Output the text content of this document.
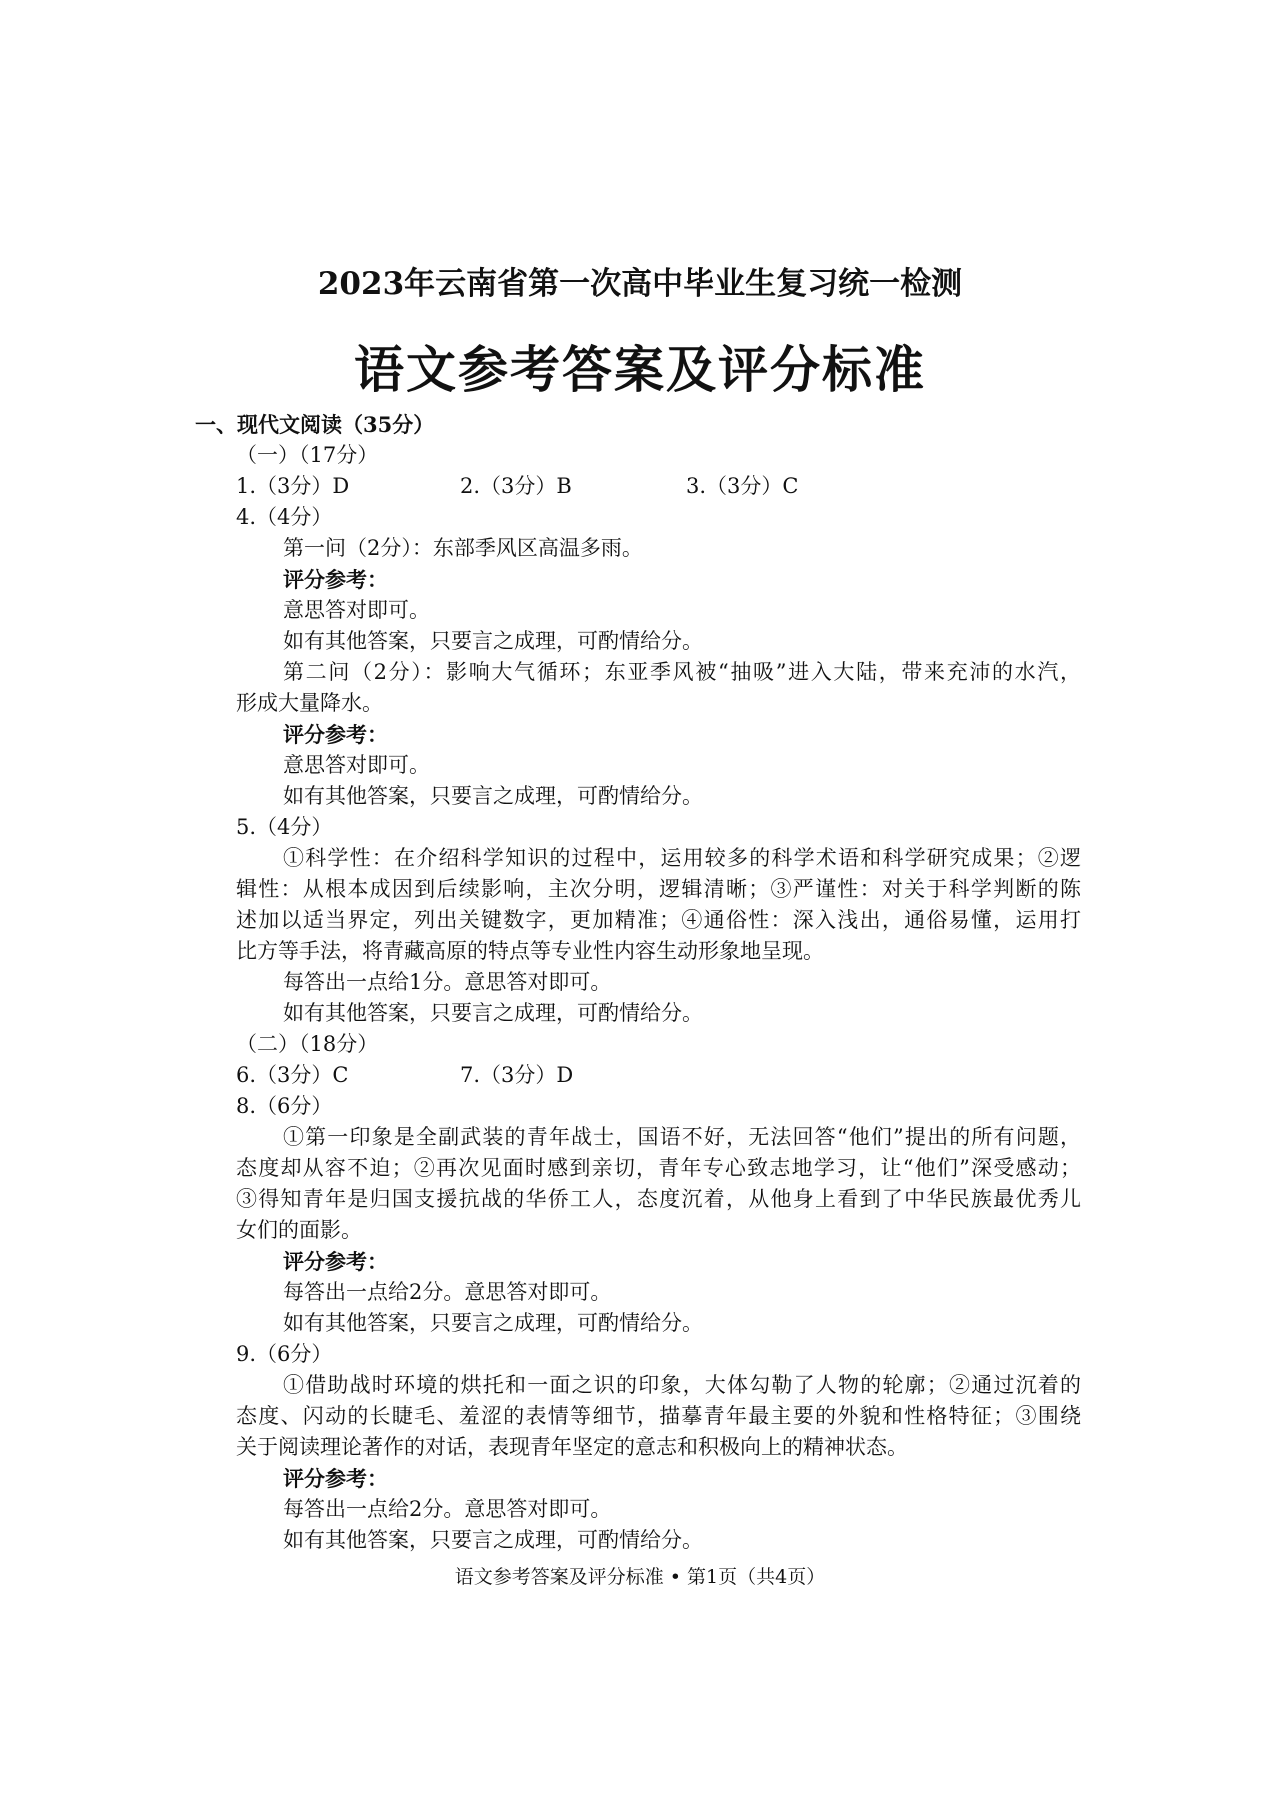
2023年云南省第一次高中毕业生复习统一检测
语文参考答案及评分标准
一、现代文阅读（35分）
（一）（17分）
1.（3分）D	2.（3分）B	3.（3分）C
4.（4分）
第一问（2分）：东部季风区高温多雨。
评分参考：
意思答对即可。
如有其他答案，只要言之成理，可酌情给分。
第二问（2分）：影响大气循环；东亚季风被“抽吸”进入大陆，带来充沛的水汽，
形成大量降水。
评分参考：
意思答对即可。
如有其他答案，只要言之成理，可酌情给分。
5.（4分）
①科学性：在介绍科学知识的过程中，运用较多的科学术语和科学研究成果；②逻
辑性：从根本成因到后续影响，主次分明，逻辑清晰；③严谨性：对关于科学判断的陈
述加以适当界定，列出关键数字，更加精准；④通俗性：深入浅出，通俗易懂，运用打
比方等手法，将青藏高原的特点等专业性内容生动形象地呈现。
每答出一点给1分。意思答对即可。
如有其他答案，只要言之成理，可酌情给分。
（二）（18分）
6.（3分）C	7.（3分）D
8.（6分）
①第一印象是全副武装的青年战士，国语不好，无法回答“他们”提出的所有问题，
态度却从容不迫；②再次见面时感到亲切，青年专心致志地学习，让“他们”深受感动；
③得知青年是归国支援抗战的华侨工人，态度沉着，从他身上看到了中华民族最优秀儿
女们的面影。
评分参考：
每答出一点给2分。意思答对即可。
如有其他答案，只要言之成理，可酌情给分。
9.（6分）
①借助战时环境的烘托和一面之识的印象，大体勾勒了人物的轮廓；②通过沉着的
态度、闪动的长睫毛、羞涩的表情等细节，描摹青年最主要的外貌和性格特征；③围绕
关于阅读理论著作的对话，表现青年坚定的意志和积极向上的精神状态。
评分参考：
每答出一点给2分。意思答对即可。
如有其他答案，只要言之成理，可酌情给分。
语文参考答案及评分标准 • 第1页（共4页）
